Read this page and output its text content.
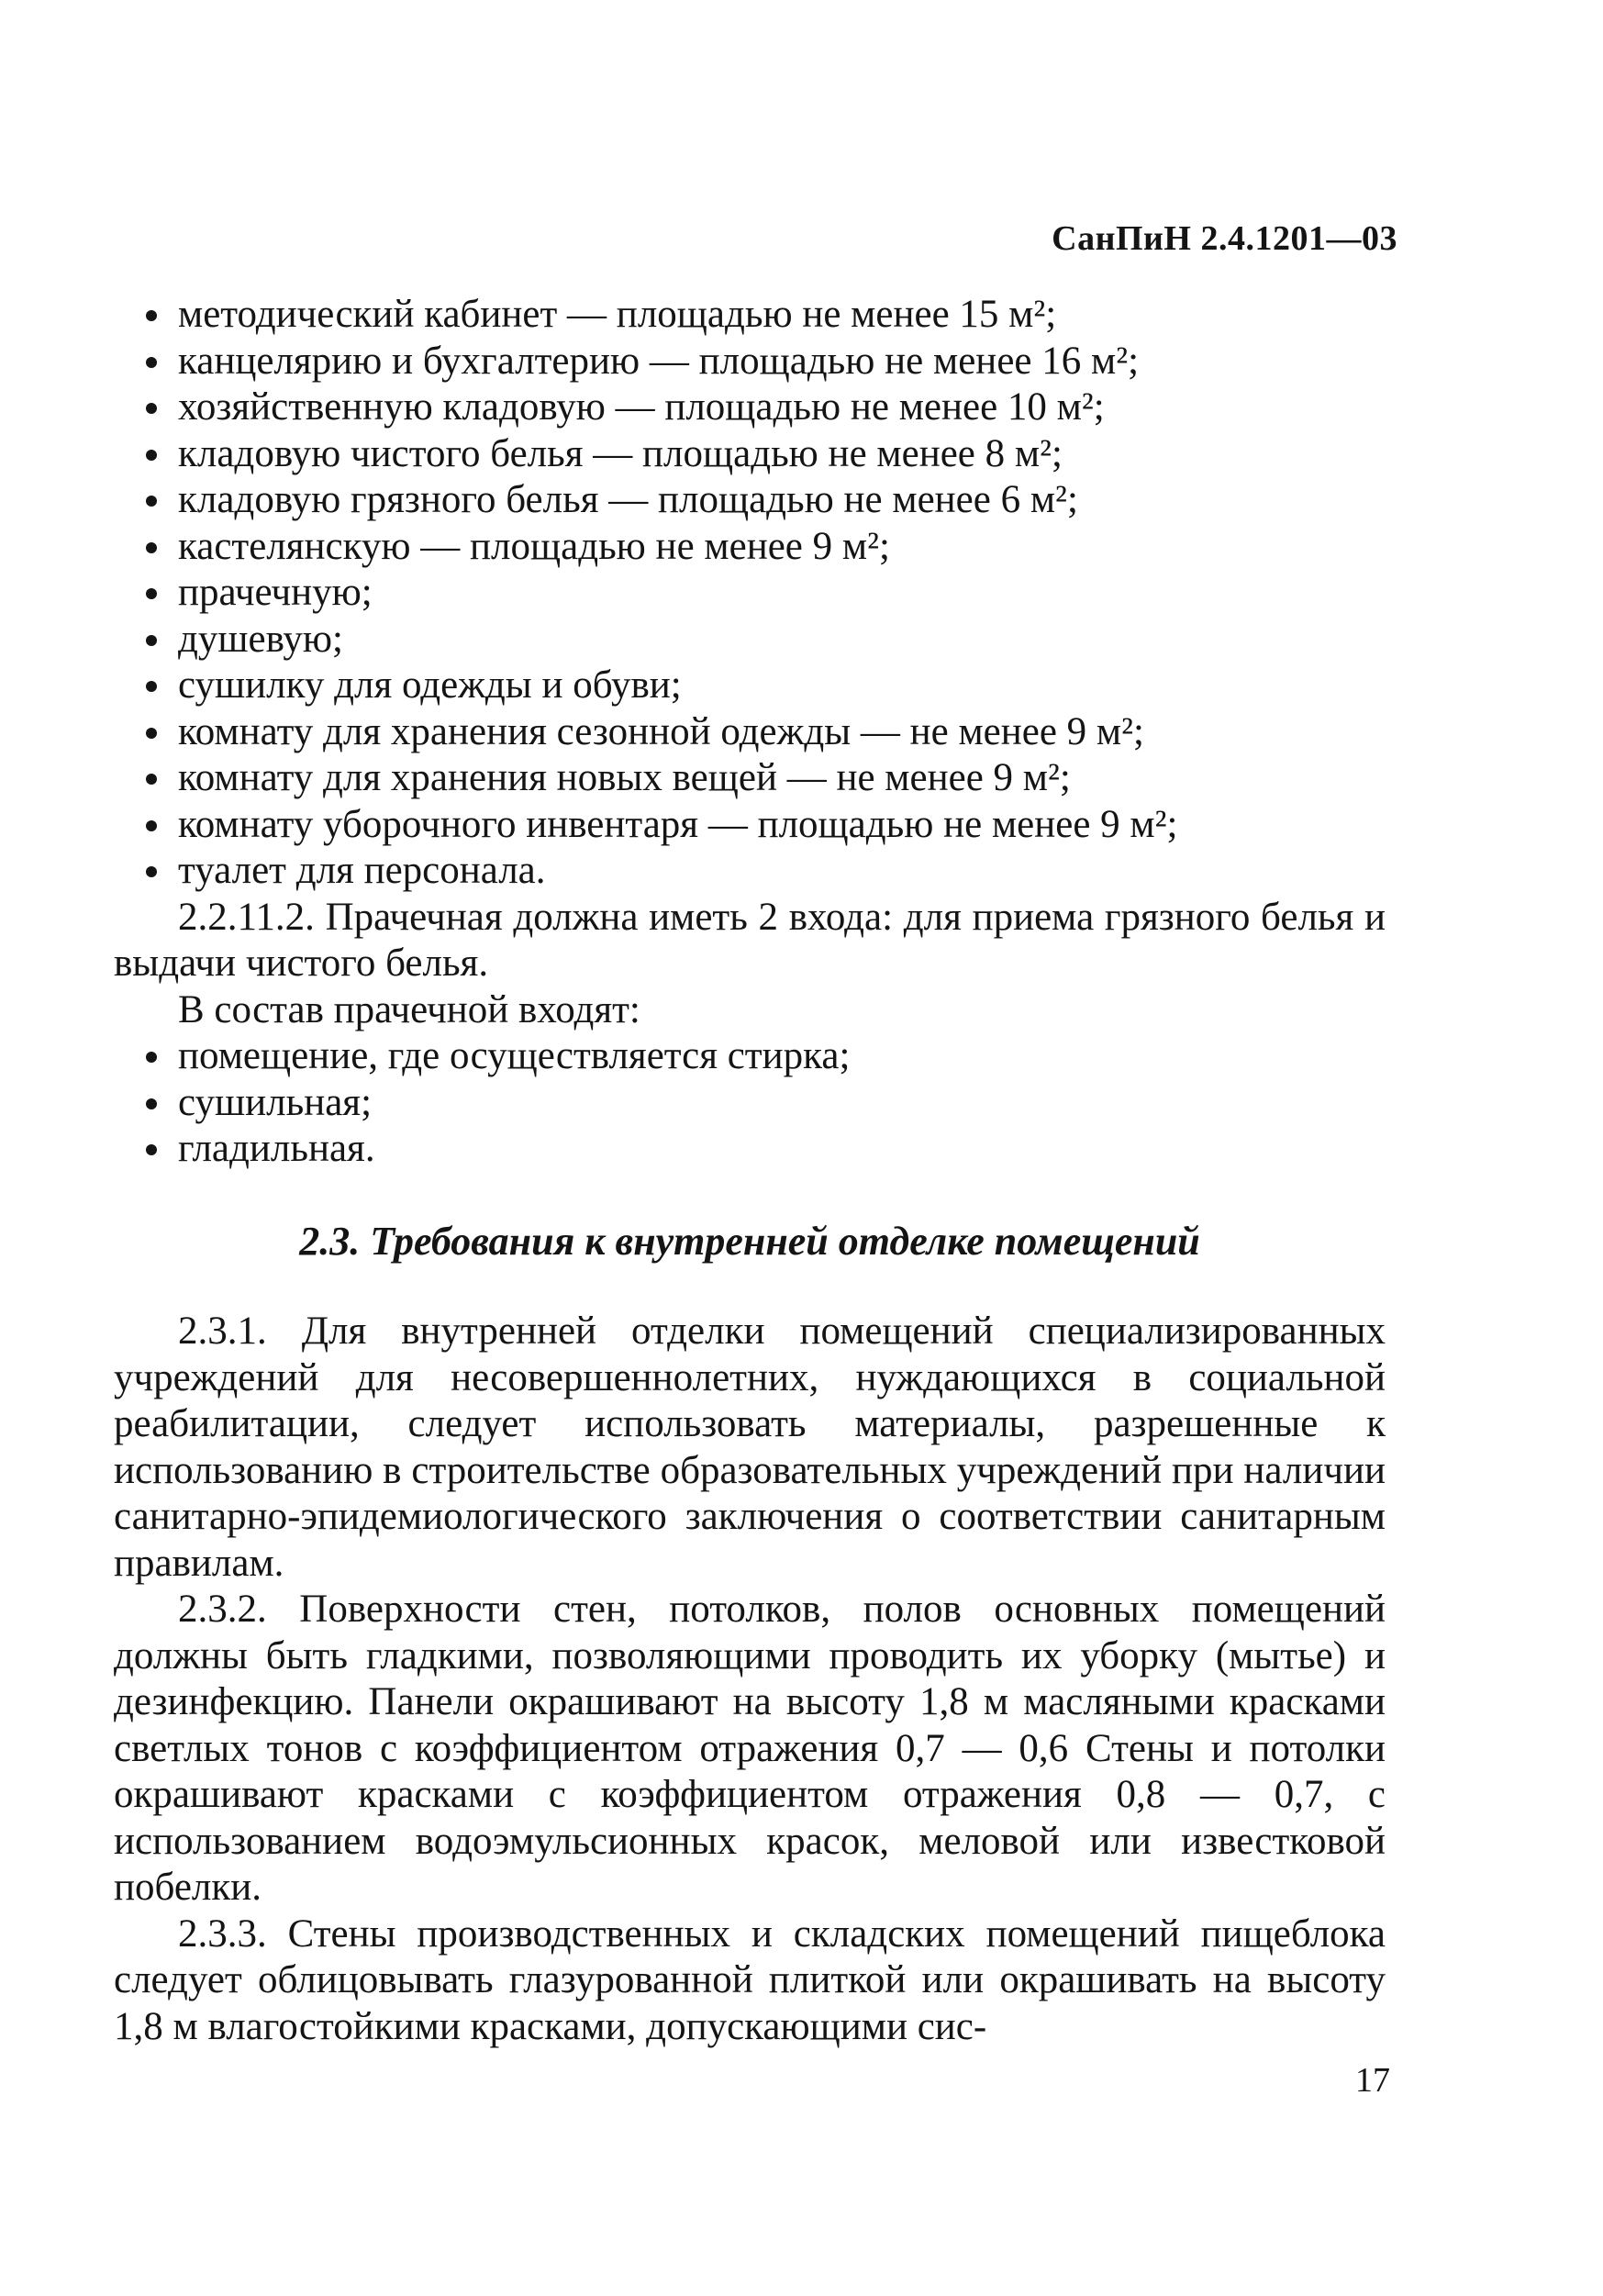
СанПиН 2.4.1201—03
методический кабинет — площадью не менее 15 м²;
канцелярию и бухгалтерию — площадью не менее 16 м²;
хозяйственную кладовую — площадью не менее 10 м²;
кладовую чистого белья — площадью не менее 8 м²;
кладовую грязного белья — площадью не менее 6 м²;
кастелянскую — площадью не менее 9 м²;
прачечную;
душевую;
сушилку для одежды и обуви;
комнату для хранения сезонной одежды — не менее 9 м²;
комнату для хранения новых вещей — не менее 9 м²;
комнату уборочного инвентаря — площадью не менее 9 м²;
туалет для персонала.

2.2.11.2. Прачечная должна иметь 2 входа: для приема грязного белья и выдачи чистого белья.

В состав прачечной входят:

помещение, где осуществляется стирка;
сушильная;
гладильная.
2.3. Требования к внутренней отделке помещений

2.3.1. Для внутренней отделки помещений специализированных учреждений для несовершеннолетних, нуждающихся в социальной реабилитации, следует использовать материалы, разрешенные к использованию в строительстве образовательных учреждений при наличии санитарно-эпидемиологического заключения о соответствии санитарным правилам.

2.3.2. Поверхности стен, потолков, полов основных помещений должны быть гладкими, позволяющими проводить их уборку (мытье) и дезинфекцию. Панели окрашивают на высоту 1,8 м масляными красками светлых тонов с коэффициентом отражения 0,7 — 0,6 Стены и потолки окрашивают красками с коэффициентом отражения 0,8 — 0,7, с использованием водоэмульсионных красок, меловой или известковой побелки.

2.3.3. Стены производственных и складских помещений пищеблока следует облицовывать глазурованной плиткой или окрашивать на высоту 1,8 м влагостойкими красками, допускающими сис-

17
